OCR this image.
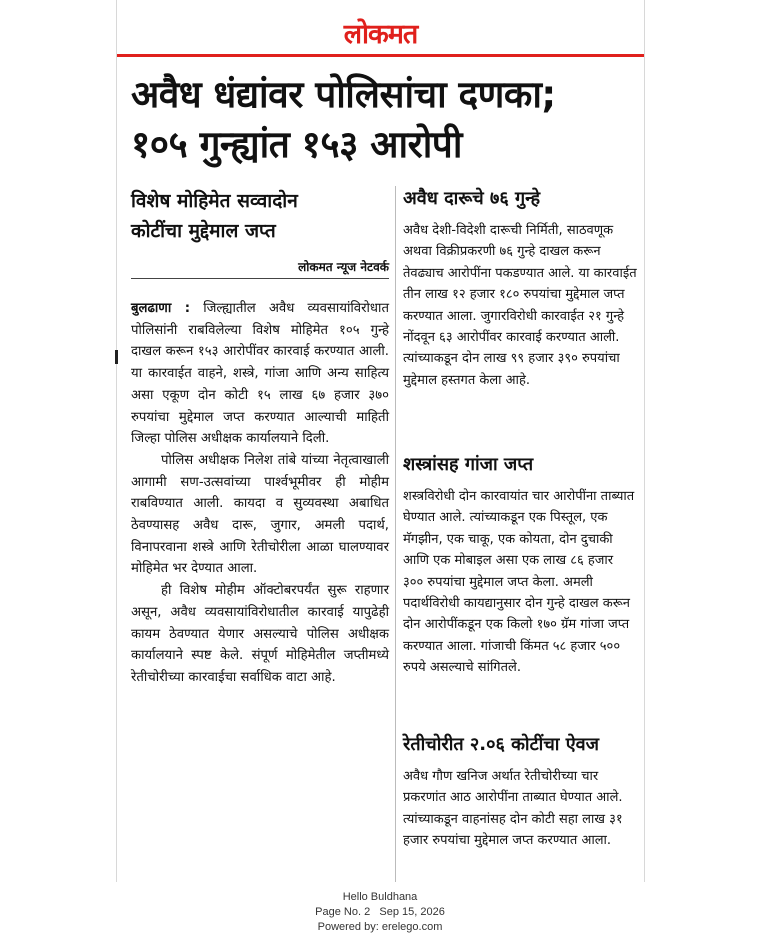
लोकमत
अवैध धंद्यांवर पोलिसांचा दणका;
१०५ गुन्ह्यांत १५३ आरोपी
विशेष मोहिमेत सव्वादोन
कोटींचा मुद्देमाल जप्त
लोकमत न्यूज नेटवर्क

बुलढाणा : जिल्ह्यातील अवैध व्यवसायांविरोधात पोलिसांनी राबविलेल्या विशेष मोहिमेत १०५ गुन्हे दाखल करून १५३ आरोपींवर कारवाई करण्यात आली. या कारवाईत वाहने, शस्त्रे, गांजा आणि अन्य साहित्य असा एकूण दोन कोटी १५ लाख ६७ हजार ३७० रुपयांचा मुद्देमाल जप्त करण्यात आल्याची माहिती जिल्हा पोलिस अधीक्षक कार्यालयाने दिली.

पोलिस अधीक्षक निलेश तांबे यांच्या नेतृत्वाखाली आगामी सण-उत्सवांच्या पार्श्वभूमीवर ही मोहीम राबविण्यात आली. कायदा व सुव्यवस्था अबाधित ठेवण्यासह अवैध दारू, जुगार, अमली पदार्थ, विनापरवाना शस्त्रे आणि रेतीचोरीला आळा घालण्यावर मोहिमेत भर देण्यात आला.

ही विशेष मोहीम ऑक्टोबरपर्यंत सुरू राहणार असून, अवैध व्यवसायांविरोधातील कारवाई यापुढेही कायम ठेवण्यात येणार असल्याचे पोलिस अधीक्षक कार्यालयाने स्पष्ट केले. संपूर्ण मोहिमेतील जप्तीमध्ये रेतीचोरीच्या कारवाईचा सर्वाधिक वाटा आहे.

अवैध दारूचे ७६ गुन्हे

अवैध देशी-विदेशी दारूची निर्मिती, साठवणूक अथवा विक्रीप्रकरणी ७६ गुन्हे दाखल करून तेवढ्याच आरोपींना पकडण्यात आले. या कारवाईत तीन लाख १२ हजार १८० रुपयांचा मुद्देमाल जप्त करण्यात आला. जुगारविरोधी कारवाईत २१ गुन्हे नोंदवून ६३ आरोपींवर कारवाई करण्यात आली. त्यांच्याकडून दोन लाख ९९ हजार ३९० रुपयांचा मुद्देमाल हस्तगत केला आहे.

शस्त्रांसह गांजा जप्त

शस्त्रविरोधी दोन कारवायांत चार आरोपींना ताब्यात घेण्यात आले. त्यांच्याकडून एक पिस्तूल, एक मॅगझीन, एक चाकू, एक कोयता, दोन दुचाकी आणि एक मोबाइल असा एक लाख ८६ हजार ३०० रुपयांचा मुद्देमाल जप्त केला. अमली पदार्थविरोधी कायद्यानुसार दोन गुन्हे दाखल करून दोन आरोपींकडून एक किलो १७० ग्रॅम गांजा जप्त करण्यात आला. गांजाची किंमत ५८ हजार ५०० रुपये असल्याचे सांगितले.

रेतीचोरीत २.०६ कोटींचा ऐवज

अवैध गौण खनिज अर्थात रेतीचोरीच्या चार प्रकरणांत आठ आरोपींना ताब्यात घेण्यात आले. त्यांच्याकडून वाहनांसह दोन कोटी सहा लाख ३१ हजार रुपयांचा मुद्देमाल जप्त करण्यात आला.

Hello Buldhana
Page No. 2 Sep 15, 2026
Powered by: erelego.com
